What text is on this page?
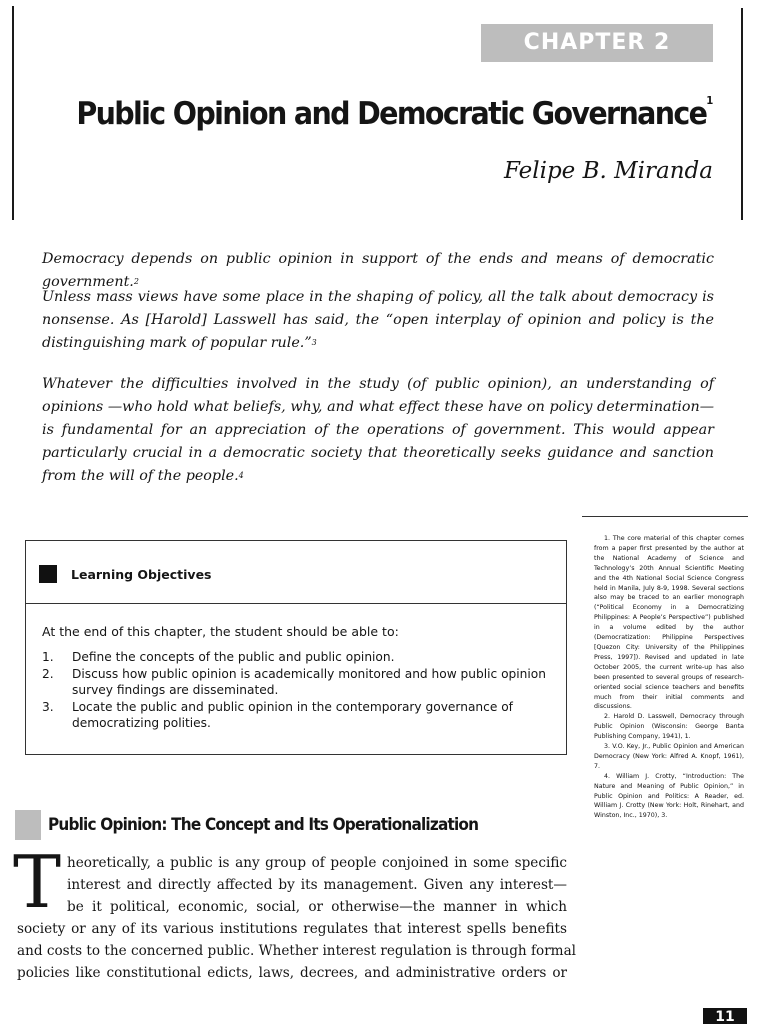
CHAPTER 2
Public Opinion and Democratic Governance$^1$
Felipe B. Miranda

Democracy depends on public opinion in support of the ends and means of democratic government.$^2$

Unless mass views have some place in the shaping of policy, all the talk about democracy is nonsense. As [Harold] Lasswell has said, the “open interplay of opinion and policy is the distinguishing mark of popular rule.”$^3$

Whatever the difficulties involved in the study (of public opinion), an understanding of opinions —who hold what beliefs, why, and what effect these have on policy determination—is fundamental for an appreciation of the operations of government. This would appear particularly crucial in a democratic society that theoretically seeks guidance and sanction from the will of the people.$^4$

Learning Objectives
At the end of this chapter, the student should be able to:
1.	Define the concepts of the public and public opinion.
2.	Discuss how public opinion is academically monitored and how public opinion survey findings are disseminated.
3.	Locate the public and public opinion in the contemporary governance of democratizing polities.
Public Opinion: The Concept and Its Operationalization
T heoretically, a public is any group of people conjoined in some specific
interest and directly affected by its management. Given any interest—
be it political, economic, social, or otherwise—the manner in which
society or any of its various institutions regulates that interest spells benefits
and costs to the concerned public. Whether interest regulation is through formal
policies like constitutional edicts, laws, decrees, and administrative orders or

1. The core material of this chapter comes from a paper first presented by the author at the National Academy of Science and Technology’s 20th Annual Scientific Meeting and the 4th National Social Science Congress held in Manila, July 8-9, 1998. Several sections also may be traced to an earlier monograph (“Political Economy in a Democratizing Philippines: A People’s Perspective”) published in a volume edited by the author (Democratization: Philippine Perspectives [Quezon City: University of the Philippines Press, 1997]). Revised and updated in late October 2005, the current write-up has also been presented to several groups of research-oriented social science teachers and benefits much from their initial comments and discussions.

2. Harold D. Lasswell, Democracy through Public Opinion (Wisconsin: George Banta Publishing Company, 1941), 1.

3. V.O. Key, Jr., Public Opinion and American Democracy (New York: Alfred A. Knopf, 1961), 7.

4. William J. Crotty, “Introduction: The Nature and Meaning of Public Opinion,” in Public Opinion and Politics: A Reader, ed. William J. Crotty (New York: Holt, Rinehart, and Winston, Inc., 1970), 3.

11
